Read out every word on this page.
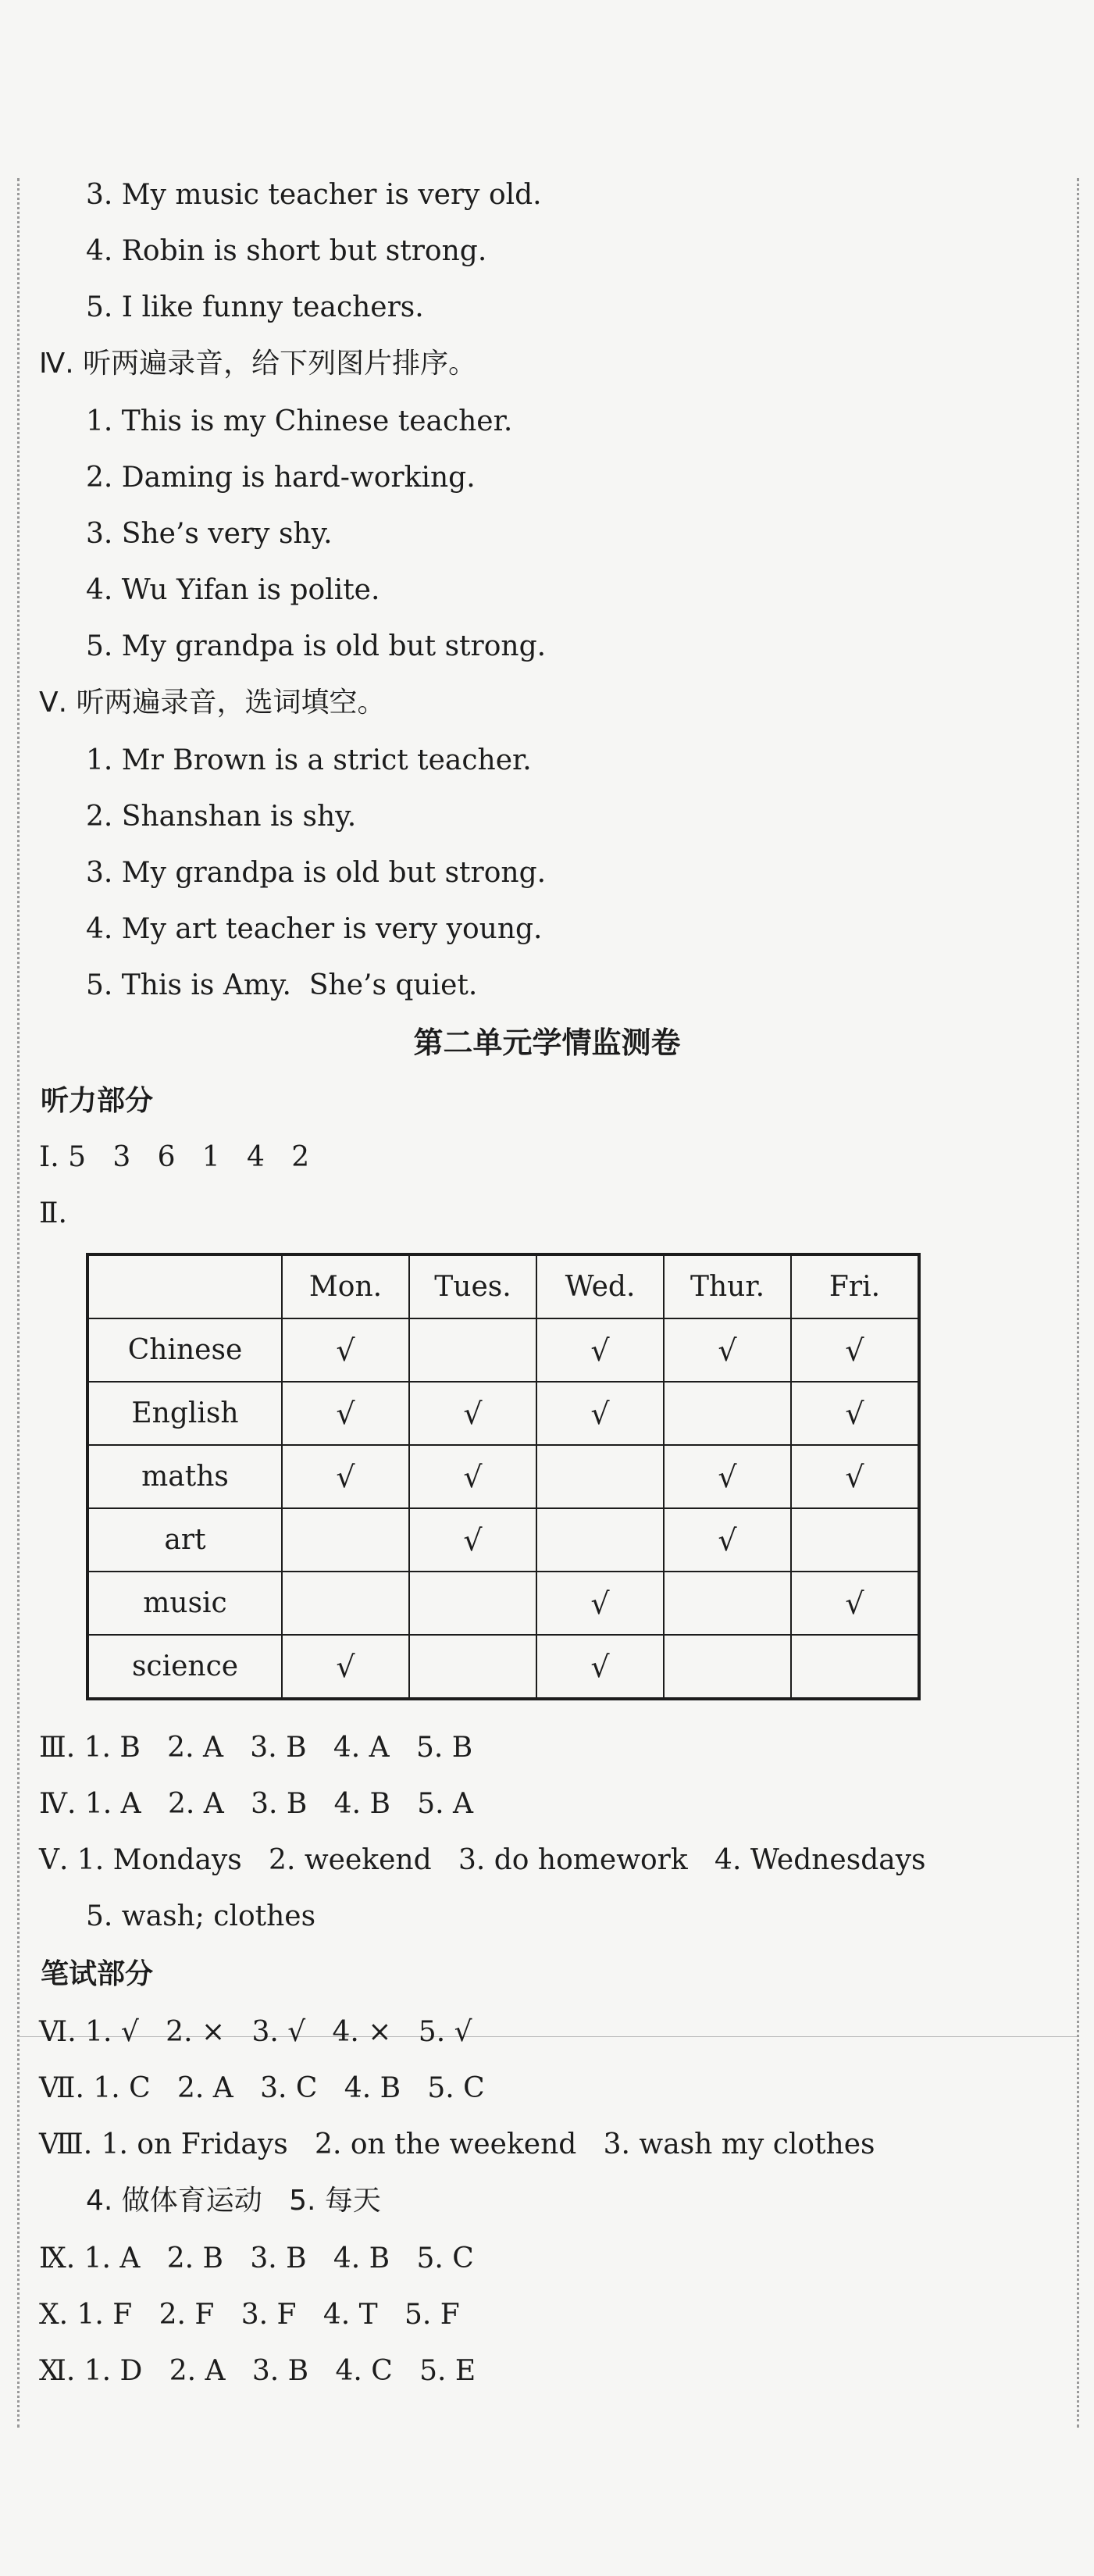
3. My music teacher is very old.
4. Robin is short but strong.
5. I like funny teachers.
Ⅳ. 听两遍录音，给下列图片排序。
1. This is my Chinese teacher.
2. Daming is hard-working.
3. She’s very shy.
4. Wu Yifan is polite.
5. My grandpa is old but strong.
Ⅴ. 听两遍录音，选词填空。
1. Mr Brown is a strict teacher.
2. Shanshan is shy.
3. My grandpa is old but strong.
4. My art teacher is very young.
5. This is Amy.  She’s quiet.
第二单元学情监测卷
听力部分
Ⅰ. 5   3   6   1   4   2
Ⅱ.
	Mon.	Tues.	Wed.	Thur.	Fri.
Chinese	√		√	√	√
English	√	√	√		√
maths	√	√		√	√
art		√		√	
music			√		√
science	√		√		
Ⅲ. 1. B   2. A   3. B   4. A   5. B
Ⅳ. 1. A   2. A   3. B   4. B   5. A
Ⅴ. 1. Mondays   2. weekend   3. do homework   4. Wednesdays
5. wash; clothes
笔试部分
Ⅵ. 1. √   2. ×   3. √   4. ×   5. √
Ⅶ. 1. C   2. A   3. C   4. B   5. C
Ⅷ. 1. on Fridays   2. on the weekend   3. wash my clothes
4. 做体育运动   5. 每天
Ⅸ. 1. A   2. B   3. B   4. B   5. C
Ⅹ. 1. F   2. F   3. F   4. T   5. F
Ⅺ. 1. D   2. A   3. B   4. C   5. E
